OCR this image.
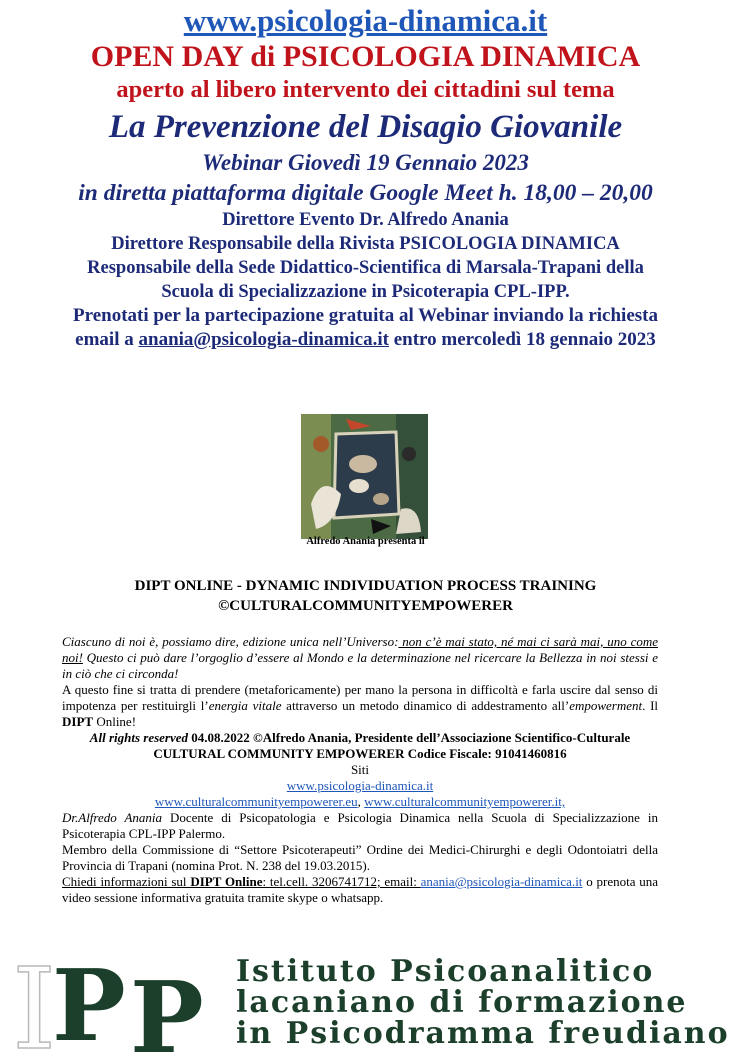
www.psicologia-dinamica.it

OPEN DAY di PSICOLOGIA DINAMICA

aperto al libero intervento dei cittadini sul tema

La Prevenzione del Disagio Giovanile

Webinar Giovedì 19 Gennaio 2023

in diretta piattaforma digitale Google Meet h. 18,00 – 20,00

Direttore Evento Dr. Alfredo Anania

Direttore Responsabile della Rivista PSICOLOGIA DINAMICA

Responsabile della Sede Didattico-Scientifica di Marsala-Trapani della

Scuola di Specializzazione in Psicoterapia CPL-IPP.

Prenotati per la partecipazione gratuita al Webinar inviando la richiesta

email a anania@psicologia-dinamica.it entro mercoledì 18 gennaio 2023

Alfredo Anania presenta il

DIPT ONLINE - DYNAMIC INDIVIDUATION PROCESS TRAINING

©CULTURALCOMMUNITYEMPOWERER

Ciascuno di noi è, possiamo dire, edizione unica nell’Universo: non c’è mai stato, né mai ci sarà mai, uno come noi! Questo ci può dare l’orgoglio d’essere al Mondo e la determinazione nel ricercare la Bellezza in noi stessi e in ciò che ci circonda!

A questo fine si tratta di prendere (metaforicamente) per mano la persona in difficoltà e farla uscire dal senso di impotenza per restituirgli l’energia vitale attraverso un metodo dinamico di addestramento all’empowerment. Il DIPT Online!

All rights reserved 04.08.2022 ©Alfredo Anania, Presidente dell’Associazione Scientifico-Culturale CULTURAL COMMUNITY EMPOWERER Codice Fiscale: 91041460816

Siti

www.psicologia-dinamica.it

www.culturalcommunityempowerer.eu, www.culturalcommunityempowerer.it,

Dr.Alfredo Anania Docente di Psicopatologia e Psicologia Dinamica nella Scuola di Specializzazione in Psicoterapia CPL-IPP Palermo.

Membro della Commissione di “Settore Psicoterapeuti” Ordine dei Medici-Chirurghi e degli Odontoiatri della Provincia di Trapani (nomina Prot. N. 238 del 19.03.2015).

Chiedi informazioni sul DIPT Online: tel.cell. 3206741712; email: anania@psicologia-dinamica.it o prenota una video sessione informativa gratuita tramite skype o whatsapp.

I
P P Istituto Psicoanalitico
lacaniano di formazione
in Psicodramma freudiano
